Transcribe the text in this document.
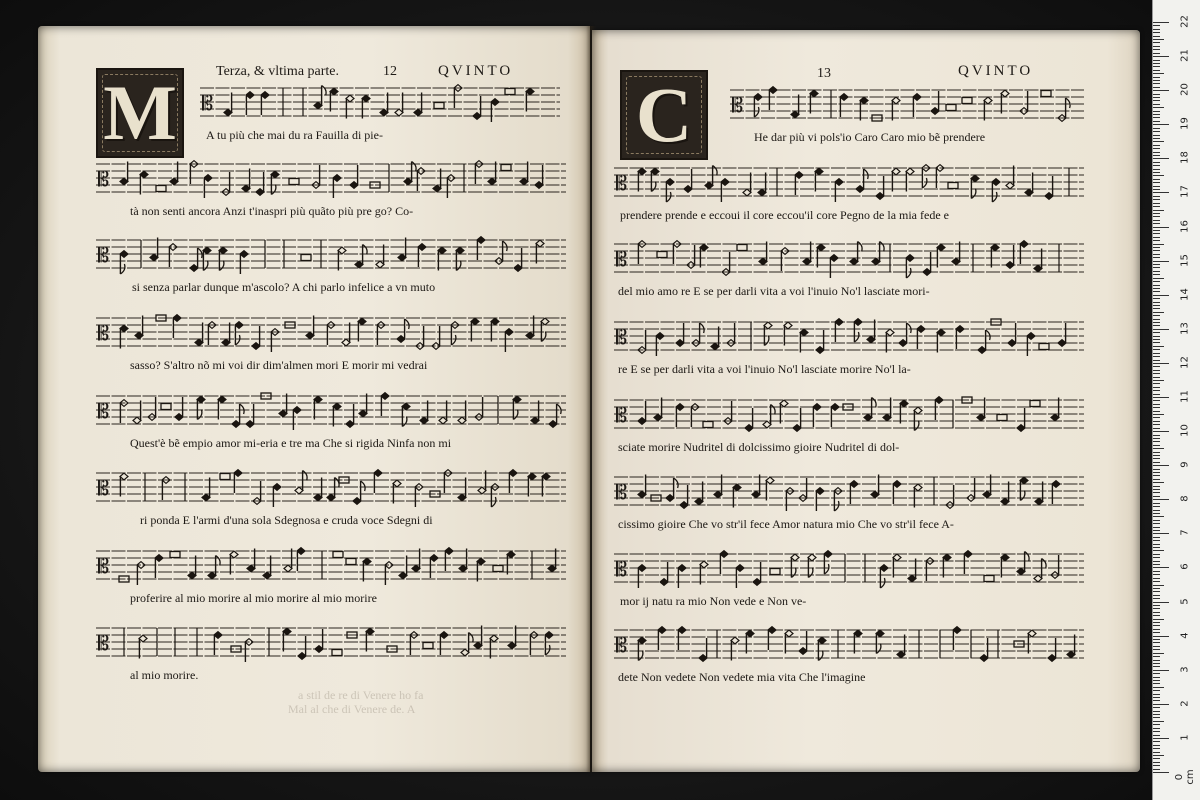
Terza, & vltima parte.	12	QVINTO
M 𝄡
A tu più che mai du ra Fauilla di pie-
𝄡
tà non senti ancora Anzi t'inaspri più quãto più pre go? Co-
𝄡
si senza parlar dunque m'ascolo? A chi parlo infelice a vn muto
𝄡
sasso? S'altro nõ mi voi dir dim'almen mori E morir mi vedrai
𝄡
Quest'è bẽ empio amor mi-eria e tre ma Che si rigida Ninfa non mi
𝄡
ri ponda E l'armi d'una sola Sdegnosa e cruda voce Sdegni di
𝄡
proferire al mio morire al mio morire al mio morire
𝄡
al mio morire.
a stil de re di Venere ho fa
Mal al che di Venere de. A
13	QVINTO
C 𝄡
He dar più vi pols'io Caro Caro mio bẽ prendere
𝄡
prendere prende e eccoui il core eccou'il core Pegno de la mia fede e
𝄡
del mio amo re E se per darli vita a voi l'inuio No'l lasciate mori-
𝄡
re E se per darli vita a voi l'inuio No'l lasciate morire No'l la-
𝄡
sciate morire Nudritel di dolcissimo gioire Nudritel di dol-
𝄡
cissimo gioire Che vo str'il fece Amor natura mio Che vo str'il fece A-
𝄡
mor ij natu ra mio Non vede e Non ve-
𝄡
dete Non vedete Non vedete mia vita Che l'imagine
0 cm
1
2
3
4
5
6
7
8
9
10
11
12
13
14
15
16
17
18
19
20
21
22
